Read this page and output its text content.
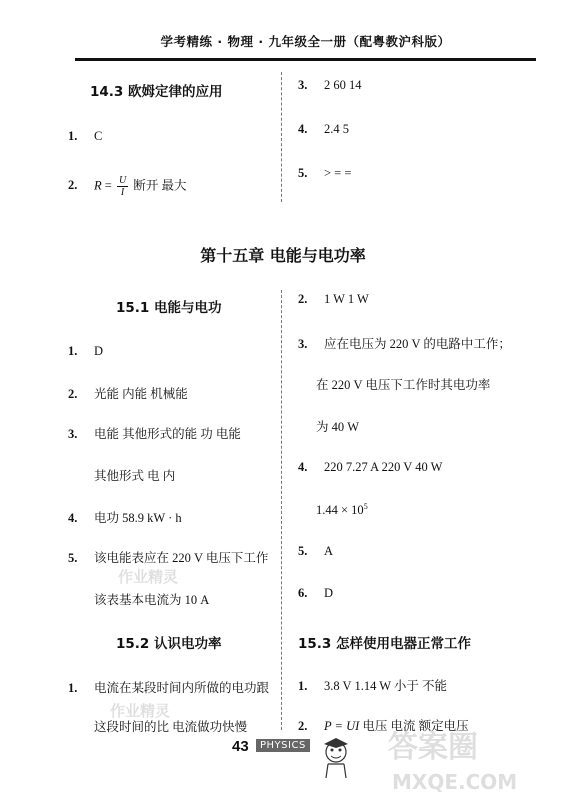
学考精练 · 物理 · 九年级全一册（配粤教沪科版）
14.3 欧姆定律的应用
1. C
2. $R = \frac{U}{I}$ 断开 最大
3. 2 60 14
4. 2.4 5
5. > = =
第十五章 电能与电功率
15.1 电能与电功
1. D
2. 光能 内能 机械能
3. 电能 其他形式的能 功 电能
其他形式 电 内
4. 电功 58.9 kW · h
5. 该电能表应在 220 V 电压下工作
该表基本电流为 10 A
2. 1 W 1 W
3. 应在电压为 220 V 的电路中工作；
在 220 V 电压下工作时其电功率
为 40 W
4. 220 7.27 A 220 V 40 W
$1.44 \times 10^5$
5. A
6. D
15.2 认识电功率
1. 电流在某段时间内所做的电功跟
这段时间的比 电流做功快慢
15.3 怎样使用电器正常工作
1. 3.8 V 1.14 W 小于 不能
2. P = UI 电压 电流 额定电压
43	PHYSICS
作业精灵
作业精灵
答案圈
MXQE.COM
